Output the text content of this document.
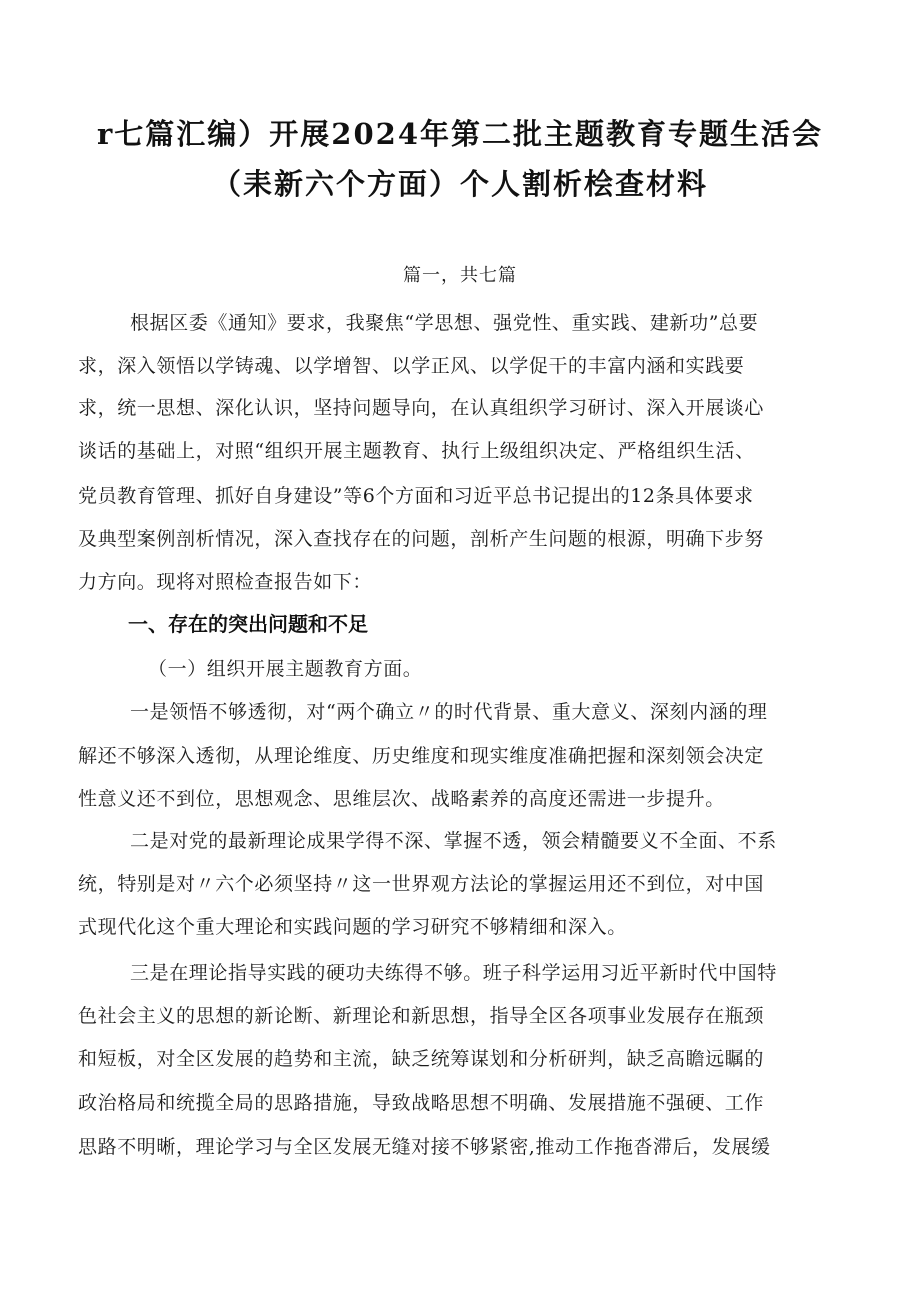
r七篇汇编）开展2024年第二批主题教育专题生活会
（耒新六个方面）个人割析桧查材料
篇一，共七篇
根据区委《通知》要求，我聚焦“学思想、强党性、重实践、建新功”总要
求，深入领悟以学铸魂、以学增智、以学正风、以学促干的丰富内涵和实践要
求，统一思想、深化认识，坚持问题导向，在认真组织学习研讨、深入开展谈心
谈话的基础上，对照“组织开展主题教育、执行上级组织决定、严格组织生活、
党员教育管理、抓好自身建设”等6个方面和习近平总书记提出的12条具体要求
及典型案例剖析情况，深入查找存在的问题，剖析产生问题的根源，明确下步努
力方向。现将对照检查报告如下：
一、存在的突出问题和不足
（一）组织开展主题教育方面。
一是领悟不够透彻，对“两个确立〃的时代背景、重大意义、深刻内涵的理
解还不够深入透彻，从理论维度、历史维度和现实维度准确把握和深刻领会决定
性意义还不到位，思想观念、思维层次、战略素养的高度还需进一步提升。
二是对党的最新理论成果学得不深、掌握不透，领会精髓要义不全面、不系
统，特别是对〃六个必须坚持〃这一世界观方法论的掌握运用还不到位，对中国
式现代化这个重大理论和实践问题的学习研究不够精细和深入。
三是在理论指导实践的硬功夫练得不够。班子科学运用习近平新时代中国特
色社会主义的思想的新论断、新理论和新思想，指导全区各项事业发展存在瓶颈
和短板，对全区发展的趋势和主流，缺乏统筹谋划和分析研判，缺乏高瞻远瞩的
政治格局和统揽全局的思路措施，导致战略思想不明确、发展措施不强硬、工作
思路不明晰，理论学习与全区发展无缝对接不够紧密,推动工作拖沓滞后，发展缓
